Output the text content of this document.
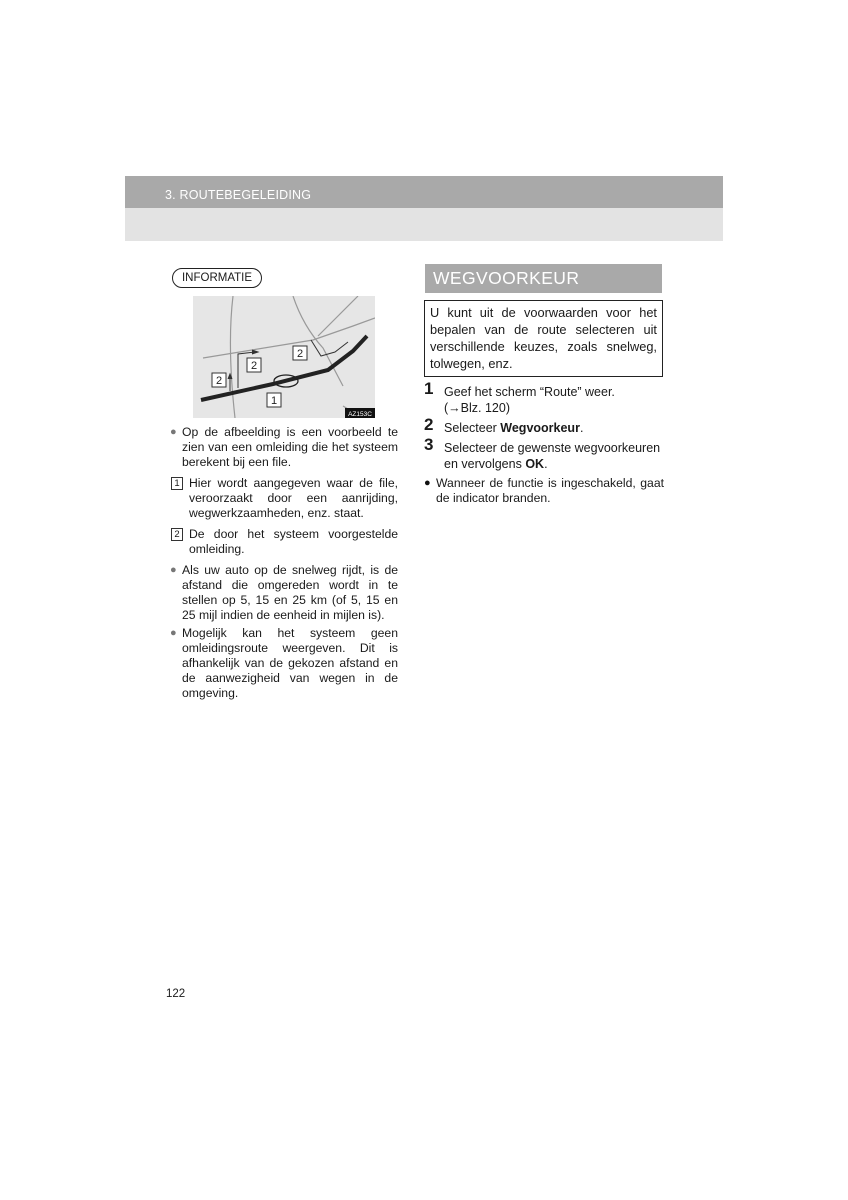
3. ROUTEBEGELEIDING
INFORMATIE
2
2
2
1
AZ153C
● Op de afbeelding is een voorbeeld te zien van een omleiding die het systeem berekent bij een file.
1 Hier wordt aangegeven waar de file, veroorzaakt door een aanrijding, wegwerkzaamheden, enz. staat.
2 De door het systeem voorgestelde omleiding.
● Als uw auto op de snelweg rijdt, is de afstand die omgereden wordt in te stellen op 5, 15 en 25 km (of 5, 15 en 25 mijl indien de eenheid in mijlen is).
● Mogelijk kan het systeem geen omleidingsroute weergeven. Dit is afhankelijk van de gekozen afstand en de aanwezigheid van wegen in de omgeving.
WEGVOORKEUR
U kunt uit de voorwaarden voor het bepalen van de route selecteren uit verschillende keuzes, zoals snelweg, tolwegen, enz.
1 Geef het scherm “Route” weer.
(→Blz. 120)
2 Selecteer Wegvoorkeur.
3 Selecteer de gewenste wegvoorkeuren en vervolgens OK.
● Wanneer de functie is ingeschakeld, gaat de indicator branden.
122
